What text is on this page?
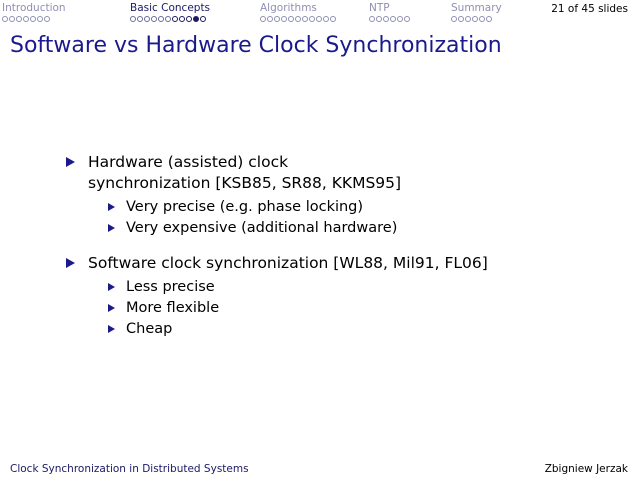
Introduction	Basic Concepts	Algorithms	NTP	Summary	21 of 45 slides
Software vs Hardware Clock Synchronization
Hardware (assisted) clock
synchronization [KSB85, SR88, KKMS95]
Very precise (e.g. phase locking)
Very expensive (additional hardware)
Software clock synchronization [WL88, Mil91, FL06]
Less precise
More flexible
Cheap
Clock Synchronization in Distributed Systems	Zbigniew Jerzak
